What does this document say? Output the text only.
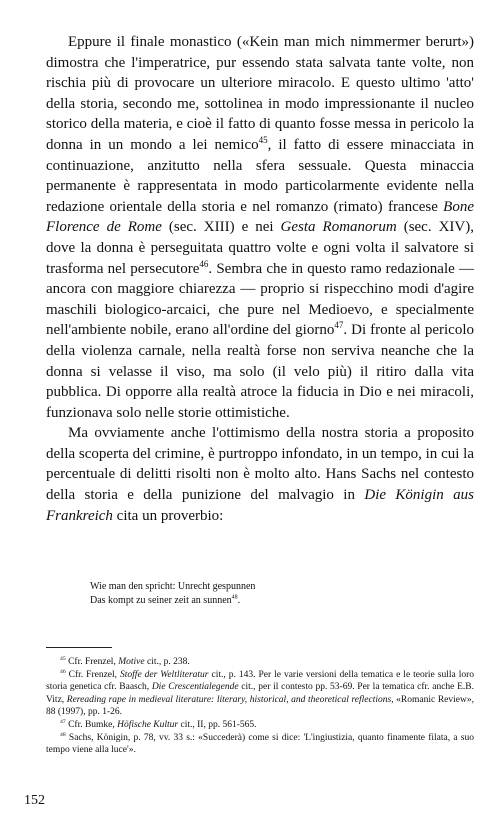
Eppure il finale monastico («Kein man mich nimmermer berurt») dimostra che l'imperatrice, pur essendo stata salvata tante volte, non rischia più di provocare un ulteriore miracolo. E questo ultimo 'atto' della storia, secondo me, sottolinea in modo impressionante il nucleo storico della materia, e cioè il fatto di quanto fosse messa in pericolo la donna in un mondo a lei nemico$^{45}$, il fatto di essere minacciata in continuazione, anzitutto nella sfera sessuale. Questa minaccia permanente è rappresentata in modo particolarmente evidente nella redazione orientale della storia e nel romanzo (rimato) francese Bone Florence de Rome (sec. XIII) e nei Gesta Romanorum (sec. XIV), dove la donna è perseguitata quattro volte e ogni volta il salvatore si trasforma nel persecutore$^{46}$. Sembra che in questo ramo redazionale — ancora con maggiore chiarezza — proprio si rispecchino modi d'agire maschili biologico-arcaici, che pure nel Medioevo, e specialmente nell'ambiente nobile, erano all'ordine del giorno$^{47}$. Di fronte al pericolo della violenza carnale, nella realtà forse non serviva neanche che la donna si velasse il viso, ma solo (il velo più) il ritiro dalla vita pubblica. Di opporre alla realtà atroce la fiducia in Dio e nei miracoli, funzionava solo nelle storie ottimistiche.

Ma ovviamente anche l'ottimismo della nostra storia a proposito della scoperta del crimine, è purtroppo infondato, in un tempo, in cui la percentuale di delitti risolti non è molto alto. Hans Sachs nel contesto della storia e della punizione del malvagio in Die Königin aus Frankreich cita un proverbio:

Wie man den spricht: Unrecht gespunnen
Das kompt zu seiner zeit an sunnen$^{48}$.
$^{45}$ Cfr. Frenzel, Motive cit., p. 238.
$^{46}$ Cfr. Frenzel, Stoffe der Weltliteratur cit., p. 143. Per le varie versioni della tematica e le teorie sulla loro storia genetica cfr. Baasch, Die Crescentialegende cit., per il contesto pp. 53-69. Per la tematica cfr. anche E.B. Vitz, Rereading rape in medieval literature: literary, historical, and theoretical reflections, «Romanic Review», 88 (1997), pp. 1-26.
$^{47}$ Cfr. Bumke, Höfische Kultur cit., II, pp. 561-565.
$^{48}$ Sachs, Königin, p. 78, vv. 33 s.: «Succederà) come si dice: 'L'ingiustizia, quanto finamente filata, a suo tempo viene alla luce'».
152
